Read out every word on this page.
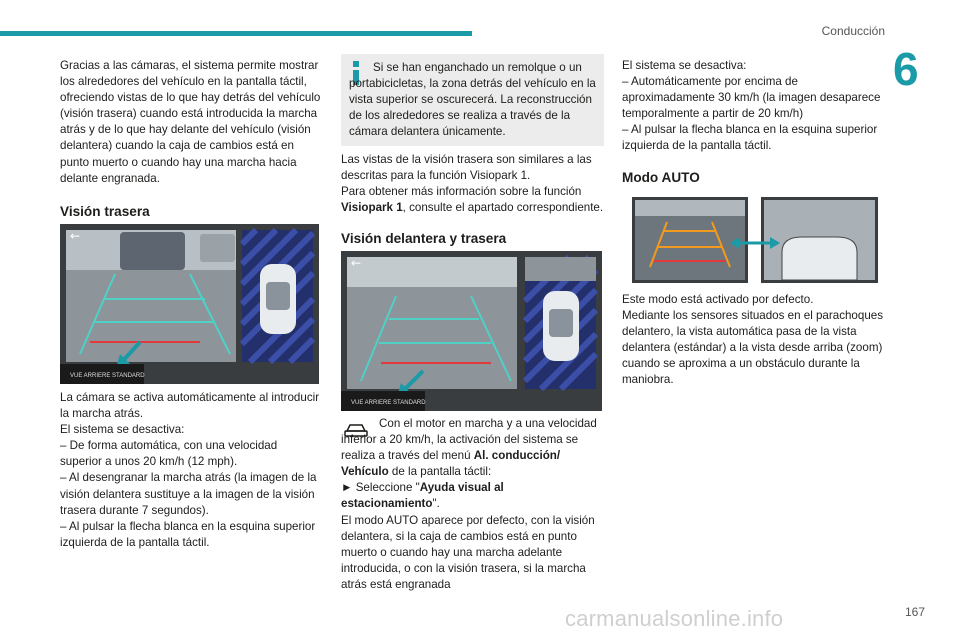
Conducción
6

Gracias a las cámaras, el sistema permite mostrar los alrededores del vehículo en la pantalla táctil, ofreciendo vistas de lo que hay detrás del vehículo (visión trasera) cuando está introducida la marcha atrás y de lo que hay delante del vehículo (visión delantera) cuando la caja de cambios está en punto muerto o cuando hay una marcha hacia delante engranada.

Visión trasera
VUE ARRIERE STANDARD
←

La cámara se activa automáticamente al introducir la marcha atrás.

El sistema se desactiva:

– De forma automática, con una velocidad superior a unos 20 km/h (12 mph).

– Al desengranar la marcha atrás (la imagen de la visión delantera sustituye a la imagen de la visión trasera durante 7 segundos).

– Al pulsar la flecha blanca en la esquina superior izquierda de la pantalla táctil.

Si se han enganchado un remolque o un portabicicletas, la zona detrás del vehículo en la vista superior se oscurecerá. La reconstrucción de los alrededores se realiza a través de la cámara delantera únicamente.

Las vistas de la visión trasera son similares a las descritas para la función Visiopark 1.

Para obtener más información sobre la función Visiopark 1, consulte el apartado correspondiente.

Visión delantera y trasera
VUE ARRIERE STANDARD
←

Con el motor en marcha y a una velocidad inferior a 20 km/h, la activación del sistema se realiza a través del menú Al. conducción/ Vehículo de la pantalla táctil:

► Seleccione "Ayuda visual al estacionamiento".

El modo AUTO aparece por defecto, con la visión delantera, si la caja de cambios está en punto muerto o cuando hay una marcha adelante introducida, o con la visión trasera, si la marcha atrás está engranada

El sistema se desactiva:

– Automáticamente por encima de aproximadamente 30 km/h (la imagen desaparece temporalmente a partir de 20 km/h)

– Al pulsar la flecha blanca en la esquina superior izquierda de la pantalla táctil.

Modo AUTO

Este modo está activado por defecto.

Mediante los sensores situados en el parachoques delantero, la vista automática pasa de la vista delantera (estándar) a la vista desde arriba (zoom) cuando se aproxima a un obstáculo durante la maniobra.

carmanualsonline.info	167
